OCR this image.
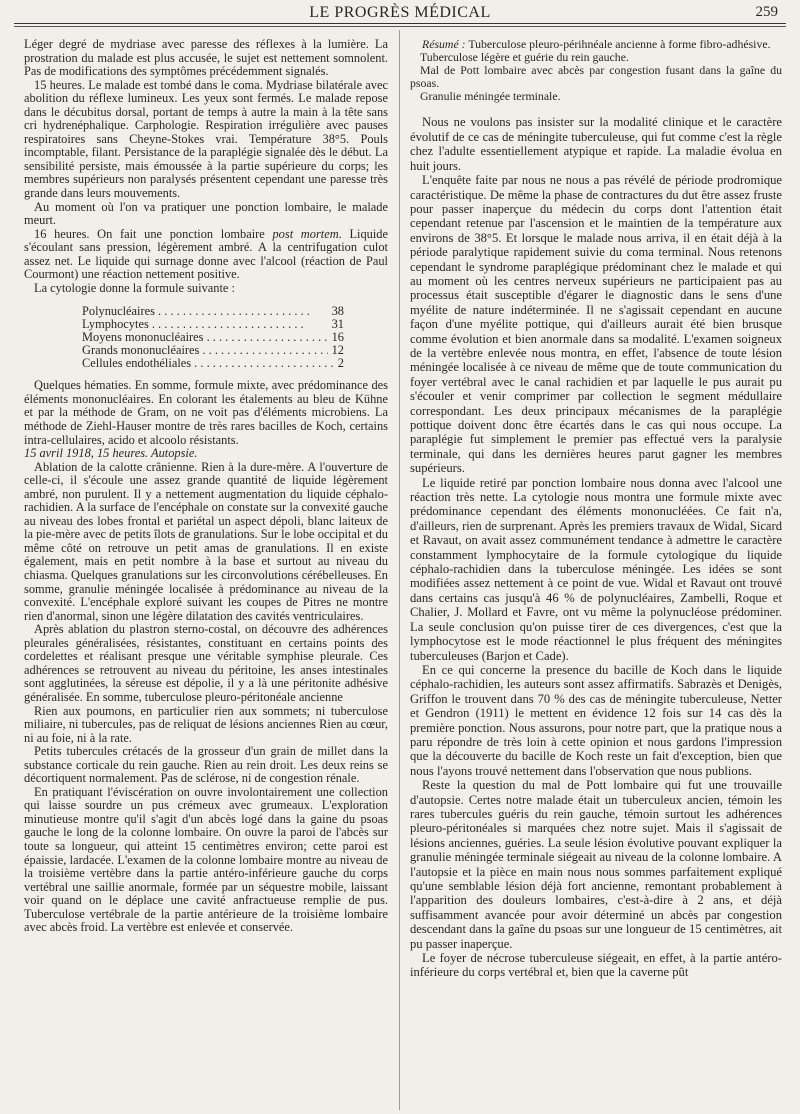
LE PROGRÈS MÉDICAL	259

Léger degré de mydriase avec paresse des réflexes à la lumière. La prostration du malade est plus accusée, le sujet est nettement somnolent. Pas de modifications des symptômes précédemment signalés.

15 heures. Le malade est tombé dans le coma. Mydriase bilatérale avec abolition du réflexe lumineux. Les yeux sont fermés. Le malade repose dans le décubitus dorsal, portant de temps à autre la main à la tête sans cri hydrenéphalique. Carphologie. Respiration irrégulière avec pauses respiratoires sans Cheyne-Stokes vrai. Température 38°5. Pouls incomptable, filant. Persistance de la paraplégie signalée dès le début. La sensibilité persiste, mais émoussée à la partie supérieure du corps; les membres supérieurs non paralysés présentent cependant une paresse très grande dans leurs mouvements.

Au moment où l'on va pratiquer une ponction lombaire, le malade meurt.

16 heures. On fait une ponction lombaire post mortem. Liquide s'écoulant sans pression, légèrement ambré. A la centrifugation culot assez net. Le liquide qui surnage donne avec l'alcool (réaction de Paul Courmont) une réaction nettement positive.

La cytologie donne la formule suivante :

Polynucléaires . . .	38
Lymphocytes . . .	31
Moyens mononucléaires . . .	16
Grands mononucléaires . . .	12
Cellules endothéliales . . .	2

Quelques hématies. En somme, formule mixte, avec prédominance des éléments mononucléaires. En colorant les étalements au bleu de Kühne et par la méthode de Gram, on ne voit pas d'éléments microbiens. La méthode de Ziehl-Hauser montre de très rares bacilles de Koch, certains intra-cellulaires, acido et alcoolo résistants.

15 avril 1918, 15 heures. Autopsie.

Ablation de la calotte crânienne. Rien à la dure-mère. A l'ouverture de celle-ci, il s'écoule une assez grande quantité de liquide légèrement ambré, non purulent. Il y a nettement augmentation du liquide céphalo-rachidien. A la surface de l'encéphale on constate sur la convexité gauche au niveau des lobes frontal et pariétal un aspect dépoli, blanc laiteux de la pie-mère avec de petits îlots de granulations. Sur le lobe occipital et du même côté on retrouve un petit amas de granulations. Il en existe également, mais en petit nombre à la base et surtout au niveau du chiasma. Quelques granulations sur les circonvolutions cérébelleuses. En somme, granulie méningée localisée à prédominance au niveau de la convexité. L'encéphale exploré suivant les coupes de Pitres ne montre rien d'anormal, sinon une légère dilatation des cavités ventriculaires.

Après ablation du plastron sterno-costal, on découvre des adhérences pleurales généralisées, résistantes, constituant en certains points des cordelettes et réalisant presque une véritable symphise pleurale. Ces adhérences se retrouvent au niveau du péritoine, les anses intestinales sont agglutinées, la séreuse est dépolie, il y a là une péritonite adhésive généralisée. En somme, tuberculose pleuro-péritonéale ancienne

Rien aux poumons, en particulier rien aux sommets; ni tuberculose miliaire, ni tubercules, pas de reliquat de lésions anciennes Rien au cœur, ni au foie, ni à la rate.

Petits tubercules crétacés de la grosseur d'un grain de millet dans la substance corticale du rein gauche. Rien au rein droit. Les deux reins se décortiquent normalement. Pas de sclérose, ni de congestion rénale.

En pratiquant l'éviscération on ouvre involontairement une collection qui laisse sourdre un pus crémeux avec grumeaux. L'exploration minutieuse montre qu'il s'agit d'un abcès logé dans la gaine du psoas gauche le long de la colonne lombaire. On ouvre la paroi de l'abcès sur toute sa longueur, qui atteint 15 centimètres environ; cette paroi est épaissie, lardacée. L'examen de la colonne lombaire montre au niveau de la troisième vertèbre dans la partie antéro-inférieure gauche du corps vertébral une saillie anormale, formée par un séquestre mobile, laissant voir quand on le déplace une cavité anfractueuse remplie de pus. Tuberculose vertébrale de la partie antérieure de la troisième lombaire avec abcès froid. La vertèbre est enlevée et conservée.

Résumé : Tuberculose pleuro-périhnéale ancienne à forme fibro-adhésive.

Tuberculose légère et guérie du rein gauche.

Mal de Pott lombaire avec abcès par congestion fusant dans la gaîne du psoas.

Granulie méningée terminale.

Nous ne voulons pas insister sur la modalité clinique et le caractère évolutif de ce cas de méningite tuberculeuse, qui fut comme c'est la règle chez l'adulte essentiellement atypique et rapide. La maladie évolua en huit jours.

L'enquête faite par nous ne nous a pas révélé de période prodromique caractéristique. De même la phase de contractures du dut être assez fruste pour passer inaperçue du médecin du corps dont l'attention était cependant retenue par l'ascension et le maintien de la température aux environs de 38°5. Et lorsque le malade nous arriva, il en était déjà à la période paralytique rapidement suivie du coma terminal. Nous retenons cependant le syndrome paraplégique prédominant chez le malade et qui au moment où les centres nerveux supérieurs ne participaient pas au processus était susceptible d'égarer le diagnostic dans le sens d'une myélite de nature indéterminée. Il ne s'agissait cependant en aucune façon d'une myélite pottique, qui d'ailleurs aurait été bien brusque comme évolution et bien anormale dans sa modalité. L'examen soigneux de la vertèbre enlevée nous montra, en effet, l'absence de toute lésion méningée localisée à ce niveau de même que de toute communication du foyer vertébral avec le canal rachidien et par laquelle le pus aurait pu s'écouler et venir comprimer par collection le segment médullaire correspondant. Les deux principaux mécanismes de la paraplégie pottique doivent donc être écartés dans le cas qui nous occupe. La paraplégie fut simplement le premier pas effectué vers la paralysie terminale, qui dans les dernières heures parut gagner les membres supérieurs.

Le liquide retiré par ponction lombaire nous donna avec l'alcool une réaction très nette. La cytologie nous montra une formule mixte avec prédominance cependant des éléments mononucléées. Ce fait n'a, d'ailleurs, rien de surprenant. Après les premiers travaux de Widal, Sicard et Ravaut, on avait assez communément tendance à admettre le caractère constamment lymphocytaire de la formule cytologique du liquide céphalo-rachidien dans la tuberculose méningée. Les idées se sont modifiées assez nettement à ce point de vue. Widal et Ravaut ont trouvé dans certains cas jusqu'à 46 % de polynucléaires, Zambelli, Roque et Chalier, J. Mollard et Favre, ont vu même la polynucléose prédominer. La seule conclusion qu'on puisse tirer de ces divergences, c'est que la lymphocytose est le mode réactionnel le plus fréquent des méningites tuberculeuses (Barjon et Cade).

En ce qui concerne la presence du bacille de Koch dans le liquide céphalo-rachidien, les auteurs sont assez affirmatifs. Sabrazès et Denigès, Griffon le trouvent dans 70 % des cas de méningite tuberculeuse, Netter et Gendron (1911) le mettent en évidence 12 fois sur 14 cas dès la première ponction. Nous assurons, pour notre part, que la pratique nous a paru répondre de très loin à cette opinion et nous gardons l'impression que la découverte du bacille de Koch reste un fait d'exception, bien que nous l'ayons trouvé nettement dans l'observation que nous publions.

Reste la question du mal de Pott lombaire qui fut une trouvaille d'autopsie. Certes notre malade était un tuberculeux ancien, témoin les rares tubercules guéris du rein gauche, témoin surtout les adhérences pleuro-péritonéales si marquées chez notre sujet. Mais il s'agissait de lésions anciennes, guéries. La seule lésion évolutive pouvant expliquer la granulie méningée terminale siégeait au niveau de la colonne lombaire. A l'autopsie et la pièce en main nous nous sommes parfaitement expliqué qu'une semblable lésion déjà fort ancienne, remontant probablement à l'apparition des douleurs lombaires, c'est-à-dire à 2 ans, et déjà suffisamment avancée pour avoir déterminé un abcès par congestion descendant dans la gaîne du psoas sur une longueur de 15 centimètres, ait pu passer inaperçue.

Le foyer de nécrose tuberculeuse siégeait, en effet, à la partie antéro-inférieure du corps vertébral et, bien que la caverne pût
